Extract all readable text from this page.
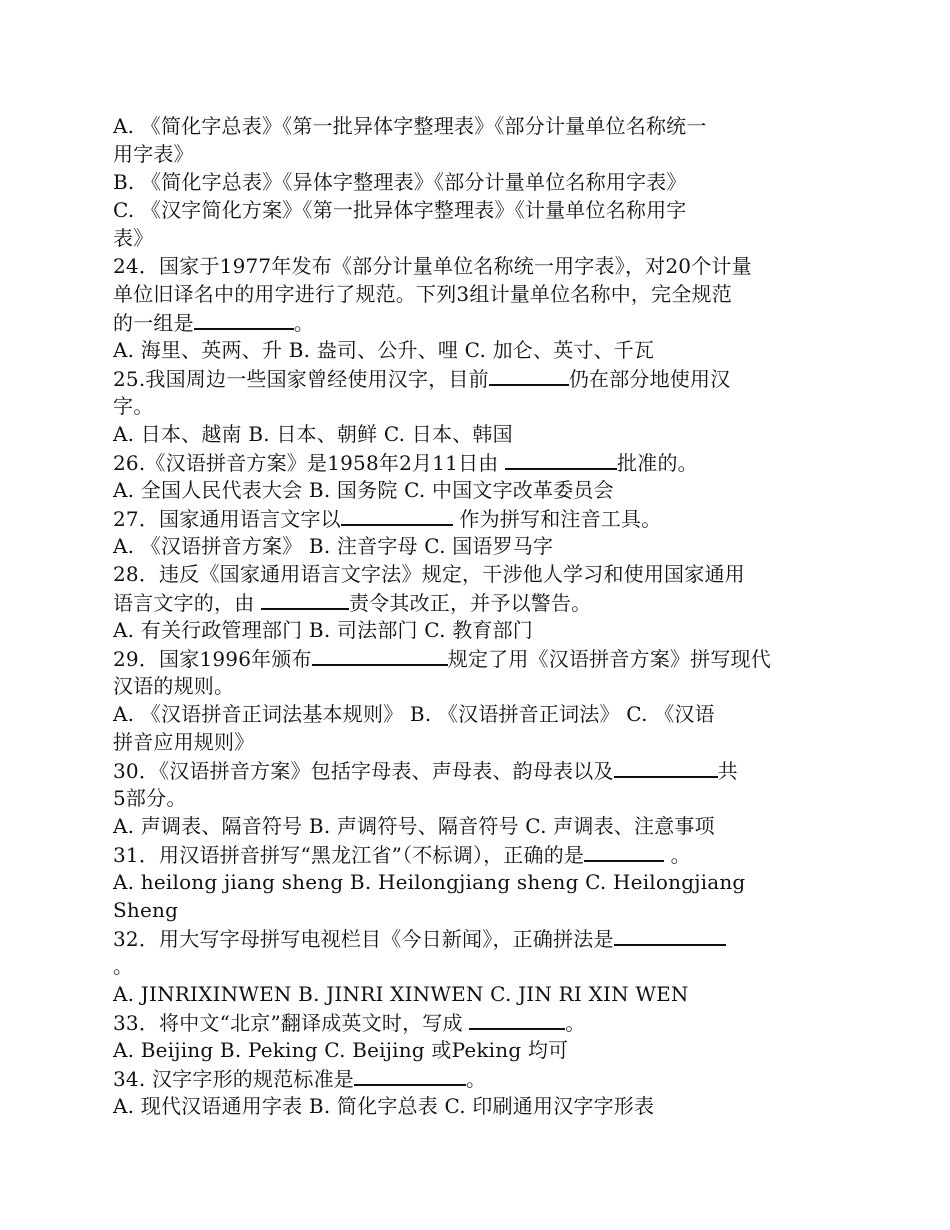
A. 《简化字总表》《第一批异体字整理表》《部分计量单位名称统一
用字表》
B. 《简化字总表》《异体字整理表》《部分计量单位名称用字表》
C. 《汉字简化方案》《第一批异体字整理表》《计量单位名称用字
表》
24．国家于1977年发布《部分计量单位名称统一用字表》，对20个计量
单位旧译名中的用字进行了规范。下列3组计量单位名称中，完全规范
的一组是	。
A. 海里、英两、升 B. 盎司、公升、哩 C. 加仑、英寸、千瓦
25.我国周边一些国家曾经使用汉字，目前	仍在部分地使用汉
字。
A. 日本、越南 B. 日本、朝鲜 C. 日本、韩国
26.《汉语拼音方案》是1958年2月11日由	批准的。
A. 全国人民代表大会 B. 国务院 C. 中国文字改革委员会
27．国家通用语言文字以	作为拼写和注音工具。
A. 《汉语拼音方案》 B. 注音字母 C. 国语罗马字
28．违反《国家通用语言文字法》规定，干涉他人学习和使用国家通用
语言文字的，由	责令其改正，并予以警告。
A. 有关行政管理部门 B. 司法部门 C. 教育部门
29．国家1996年颁布	规定了用《汉语拼音方案》拼写现代
汉语的规则。
A. 《汉语拼音正词法基本规则》 B. 《汉语拼音正词法》 C. 《汉语
拼音应用规则》
30．《汉语拼音方案》包括字母表、声母表、韵母表以及	共
5部分。
A. 声调表、隔音符号 B. 声调符号、隔音符号 C. 声调表、注意事项
31．用汉语拼音拼写“黑龙江省”（不标调），正确的是	。
A. heilong jiang sheng B. Heilongjiang sheng C. Heilongjiang
Sheng
32．用大写字母拼写电视栏目《今日新闻》，正确拼法是
。
A. JINRIXINWEN B. JINRI XINWEN C. JIN RI XIN WEN
33．将中文“北京”翻译成英文时，写成	。
A. Beijing B. Peking C. Beijing 或Peking 均可
34. 汉字字形的规范标准是	。
A. 现代汉语通用字表 B. 简化字总表 C. 印刷通用汉字字形表
